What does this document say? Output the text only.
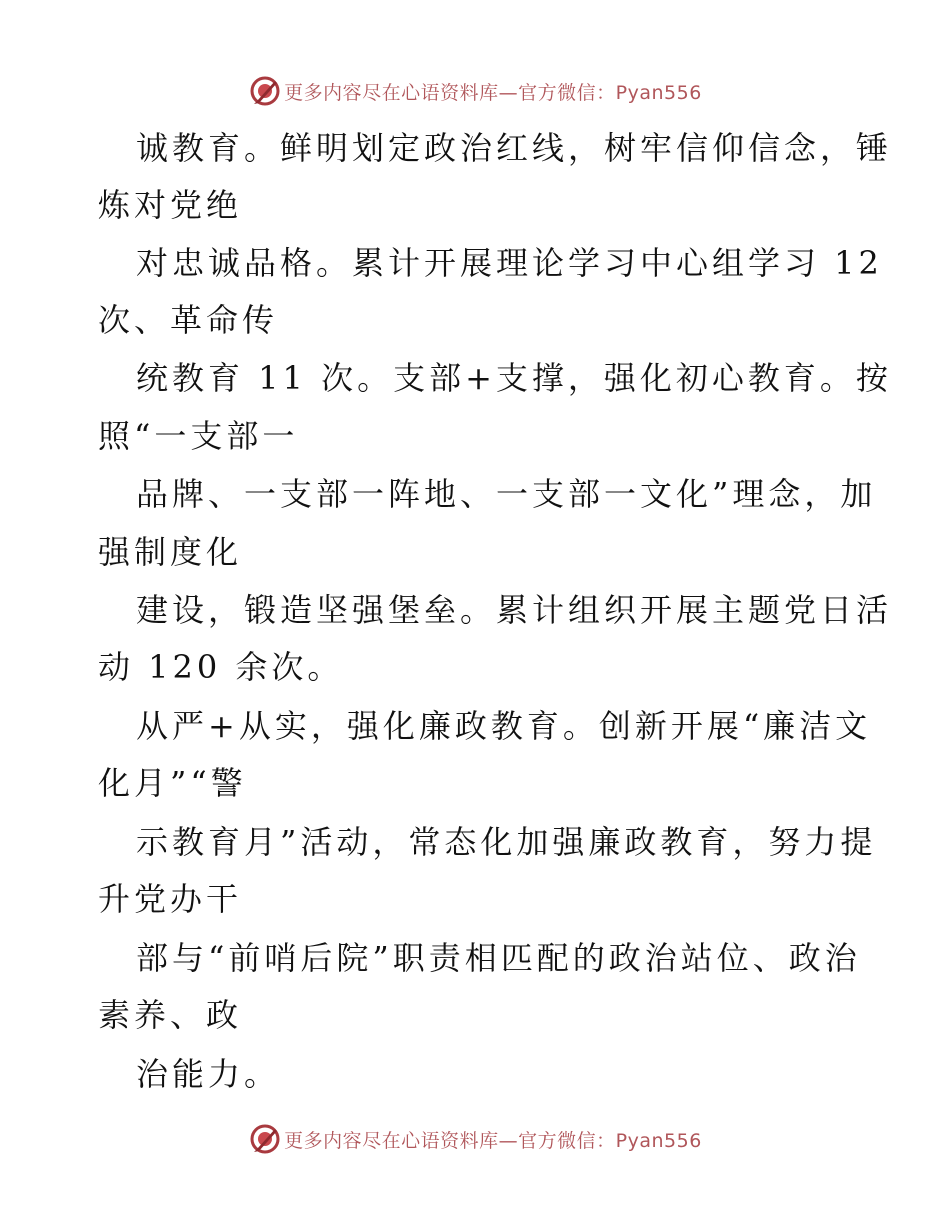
更多内容尽在心语资料库—官方微信：Pyan556
诚教育。鲜明划定政治红线，树牢信仰信念，锤
炼对党绝
对忠诚品格。累计开展理论学习中心组学习 12
次、革命传
统教育 11 次。支部+支撑，强化初心教育。按
照“一支部一
品牌、一支部一阵地、一支部一文化”理念，加
强制度化
建设，锻造坚强堡垒。累计组织开展主题党日活
动 120 余次。
从严+从实，强化廉政教育。创新开展“廉洁文
化月”“警
示教育月”活动，常态化加强廉政教育，努力提
升党办干
部与“前哨后院”职责相匹配的政治站位、政治
素养、政
治能力。
更多内容尽在心语资料库—官方微信：Pyan556
